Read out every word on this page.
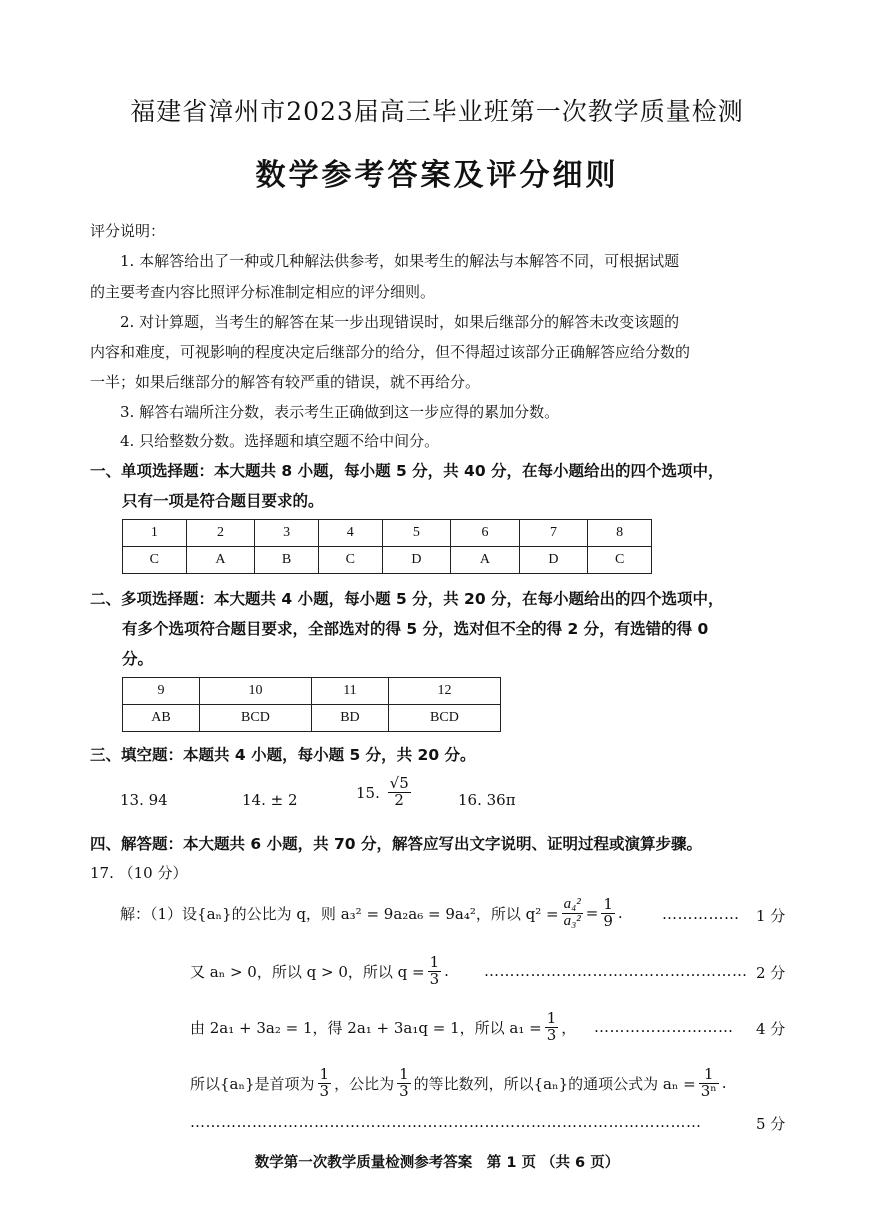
福建省漳州市2023届高三毕业班第一次教学质量检测
数学参考答案及评分细则
评分说明：
1. 本解答给出了一种或几种解法供参考，如果考生的解法与本解答不同，可根据试题
的主要考查内容比照评分标准制定相应的评分细则。
2. 对计算题，当考生的解答在某一步出现错误时，如果后继部分的解答未改变该题的
内容和难度，可视影响的程度决定后继部分的给分，但不得超过该部分正确解答应给分数的
一半；如果后继部分的解答有较严重的错误，就不再给分。
3. 解答右端所注分数，表示考生正确做到这一步应得的累加分数。
4. 只给整数分数。选择题和填空题不给中间分。
一、单项选择题：本大题共 8 小题，每小题 5 分，共 40 分，在每小题给出的四个选项中，
只有一项是符合题目要求的。
1	2	3	4	5	6	7	8
C	A	B	C	D	A	D	C
二、多项选择题：本大题共 4 小题，每小题 5 分，共 20 分，在每小题给出的四个选项中，
有多个选项符合题目要求，全部选对的得 5 分，选对但不全的得 2 分，有选错的得 0
分。
9	10	11	12
AB	BCD	BD	BCD
三、填空题：本题共 4 小题，每小题 5 分，共 20 分。
13. 94	14. ± 2	15. $\frac{√5}{2}$	16. 36π
四、解答题：本大题共 6 小题，共 70 分，解答应写出文字说明、证明过程或演算步骤。
17. （10 分）
解：（1）设{aₙ}的公比为 q，则 a₃² = 9a₂a₆ = 9a₄²，所以 $q^2 = \frac{\text{a₄²}}{\text{a₃²}} = \frac{1}{9}$ .	…………… 1 分
又 aₙ > 0，所以 q > 0，所以 $q = \frac{1}{3}$ . …………………………………………… 2 分
由 2a₁ + 3a₂ = 1，得 2a₁ + 3a₁q = 1，所以 $a_1 = \frac{1}{3}$ ， ……………………… 4 分
所以{aₙ}是首项为 $\frac{1}{3}$ ，公比为 $\frac{1}{3}$ 的等比数列，所以{aₙ}的通项公式为 $a_n = \frac{1}{\text{3ⁿ}}$ .
………………………………………………………………………………………	5 分
数学第一次教学质量检测参考答案　第 1 页 （共 6 页）
